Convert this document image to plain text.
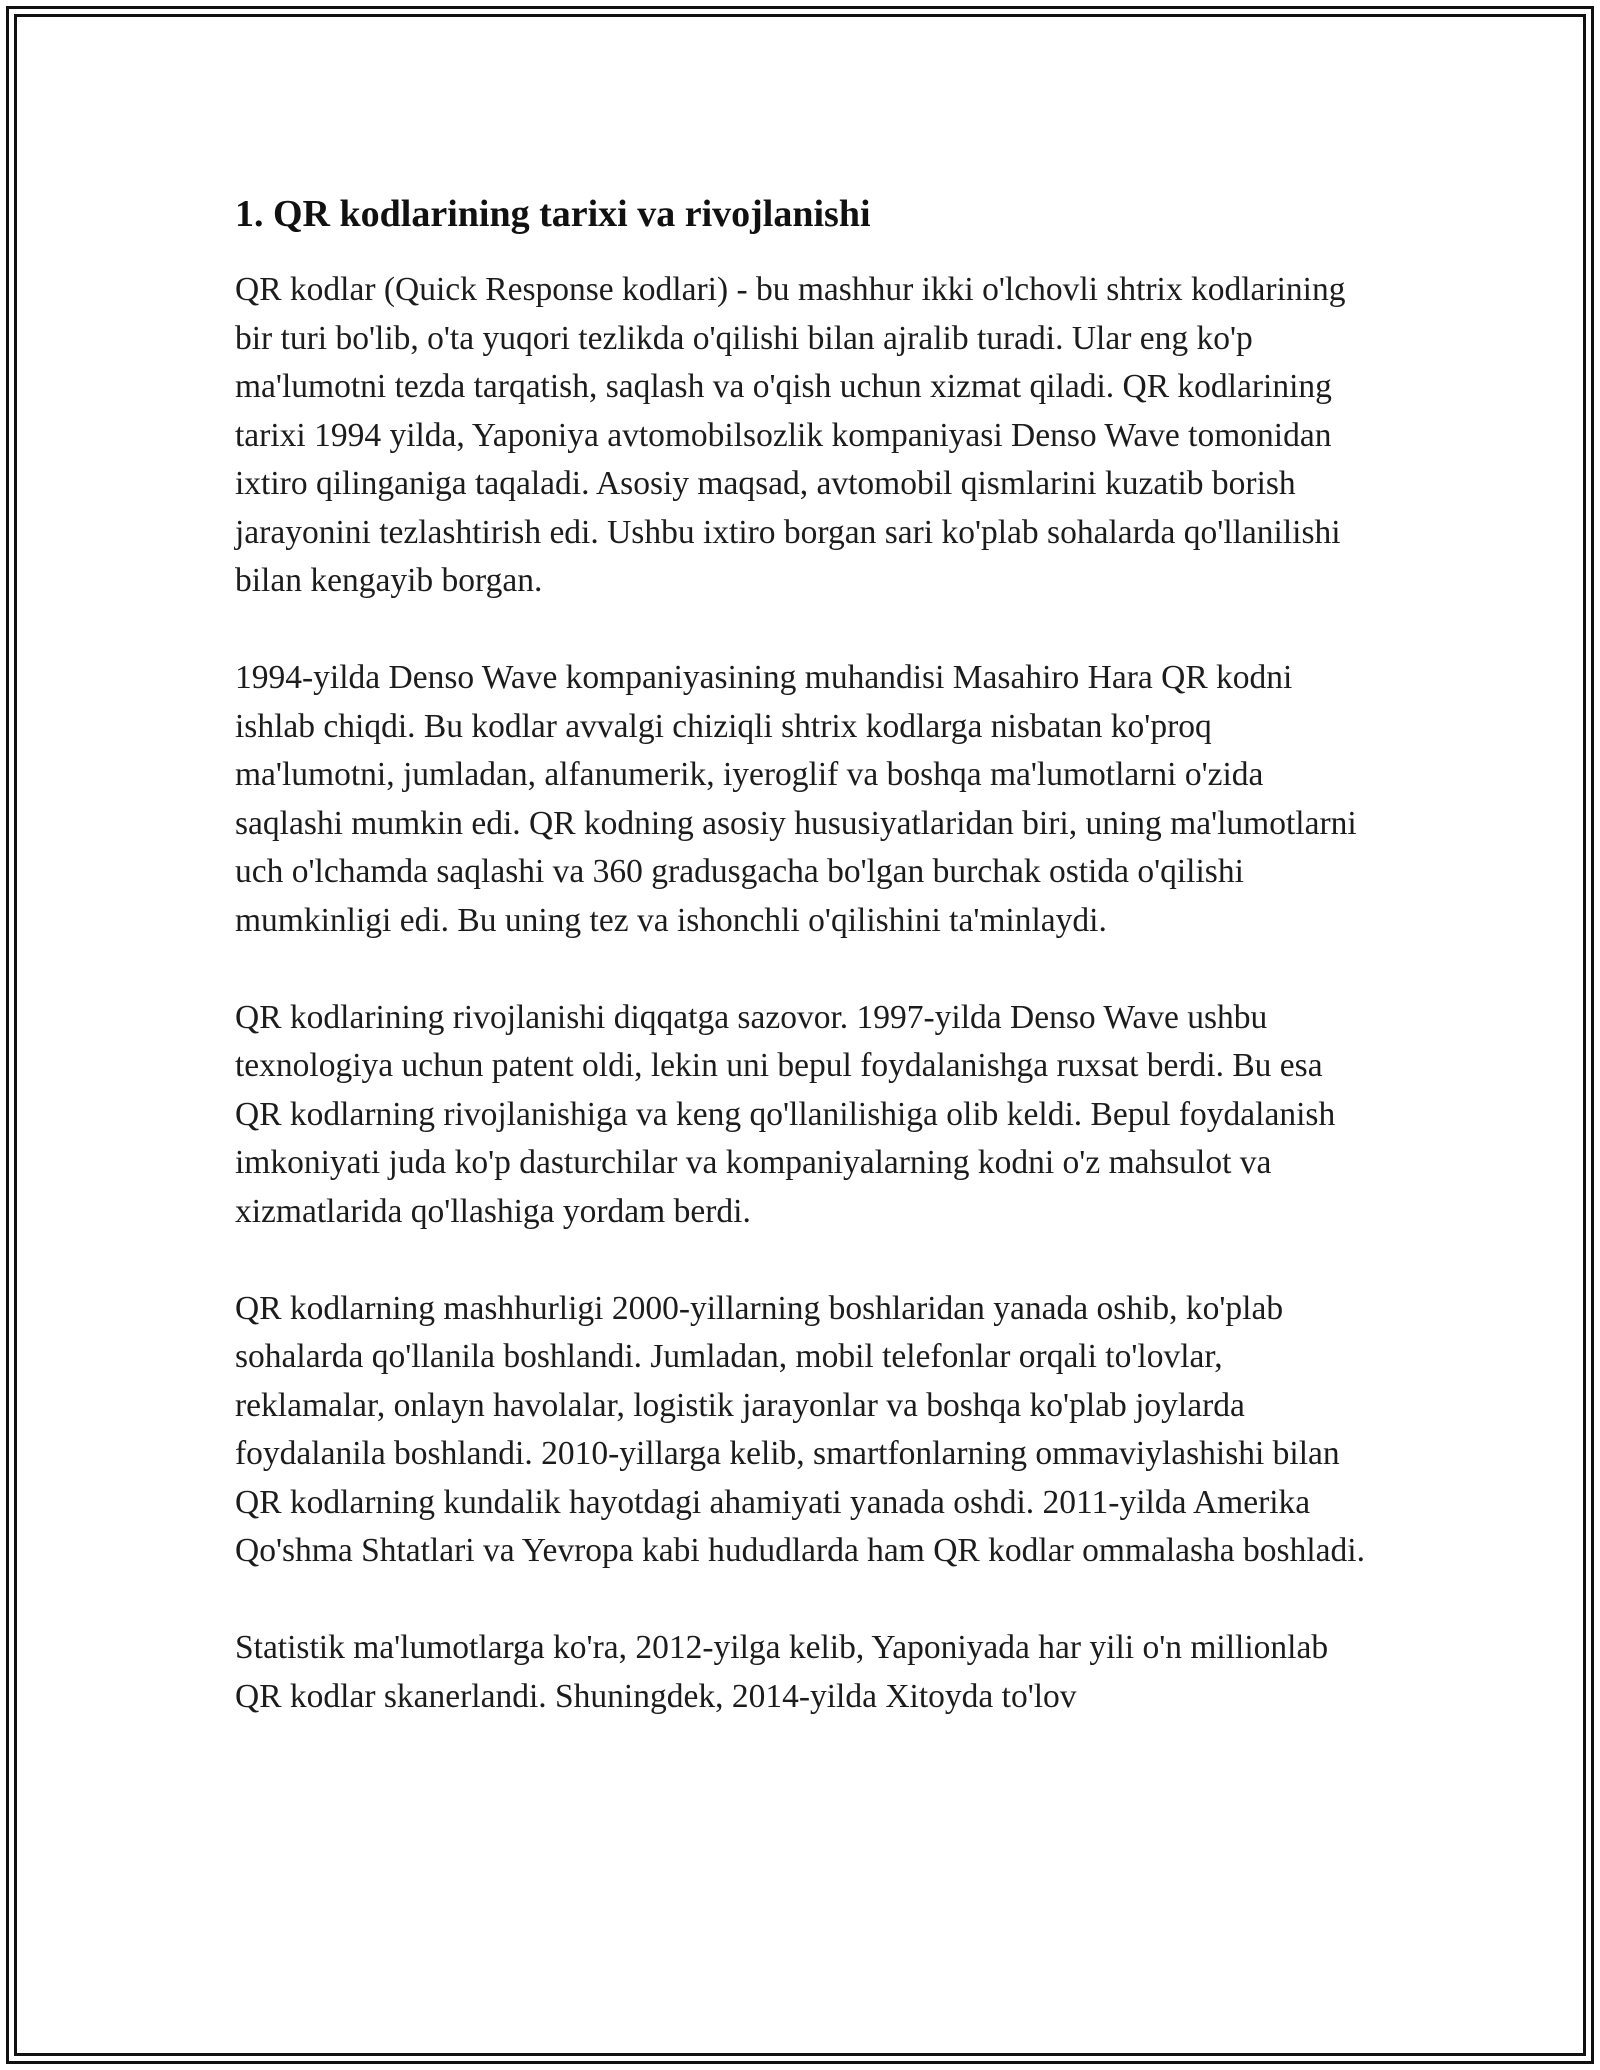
1. QR kodlarining tarixi va rivojlanishi

QR kodlar (Quick Response kodlari) - bu mashhur ikki o'lchovli shtrix kodlarining bir turi bo'lib, o'ta yuqori tezlikda o'qilishi bilan ajralib turadi. Ular eng ko'p ma'lumotni tezda tarqatish, saqlash va o'qish uchun xizmat qiladi. QR kodlarining tarixi 1994 yilda, Yaponiya avtomobilsozlik kompaniyasi Denso Wave tomonidan ixtiro qilinganiga taqaladi. Asosiy maqsad, avtomobil qismlarini kuzatib borish jarayonini tezlashtirish edi. Ushbu ixtiro borgan sari ko'plab sohalarda qo'llanilishi bilan kengayib borgan.

1994-yilda Denso Wave kompaniyasining muhandisi Masahiro Hara QR kodni ishlab chiqdi. Bu kodlar avvalgi chiziqli shtrix kodlarga nisbatan ko'proq ma'lumotni, jumladan, alfanumerik, iyeroglif va boshqa ma'lumotlarni o'zida saqlashi mumkin edi. QR kodning asosiy hususiyatlaridan biri, uning ma'lumotlarni uch o'lchamda saqlashi va 360 gradusgacha bo'lgan burchak ostida o'qilishi mumkinligi edi. Bu uning tez va ishonchli o'qilishini ta'minlaydi.

QR kodlarining rivojlanishi diqqatga sazovor. 1997-yilda Denso Wave ushbu texnologiya uchun patent oldi, lekin uni bepul foydalanishga ruxsat berdi. Bu esa QR kodlarning rivojlanishiga va keng qo'llanilishiga olib keldi. Bepul foydalanish imkoniyati juda ko'p dasturchilar va kompaniyalarning kodni o'z mahsulot va xizmatlarida qo'llashiga yordam berdi.

QR kodlarning mashhurligi 2000-yillarning boshlaridan yanada oshib, ko'plab sohalarda qo'llanila boshlandi. Jumladan, mobil telefonlar orqali to'lovlar, reklamalar, onlayn havolalar, logistik jarayonlar va boshqa ko'plab joylarda foydalanila boshlandi. 2010-yillarga kelib, smartfonlarning ommaviylashishi bilan QR kodlarning kundalik hayotdagi ahamiyati yanada oshdi. 2011-yilda Amerika Qo'shma Shtatlari va Yevropa kabi hududlarda ham QR kodlar ommalasha boshladi.

Statistik ma'lumotlarga ko'ra, 2012-yilga kelib, Yaponiyada har yili o'n millionlab QR kodlar skanerlandi. Shuningdek, 2014-yilda Xitoyda to'lov
